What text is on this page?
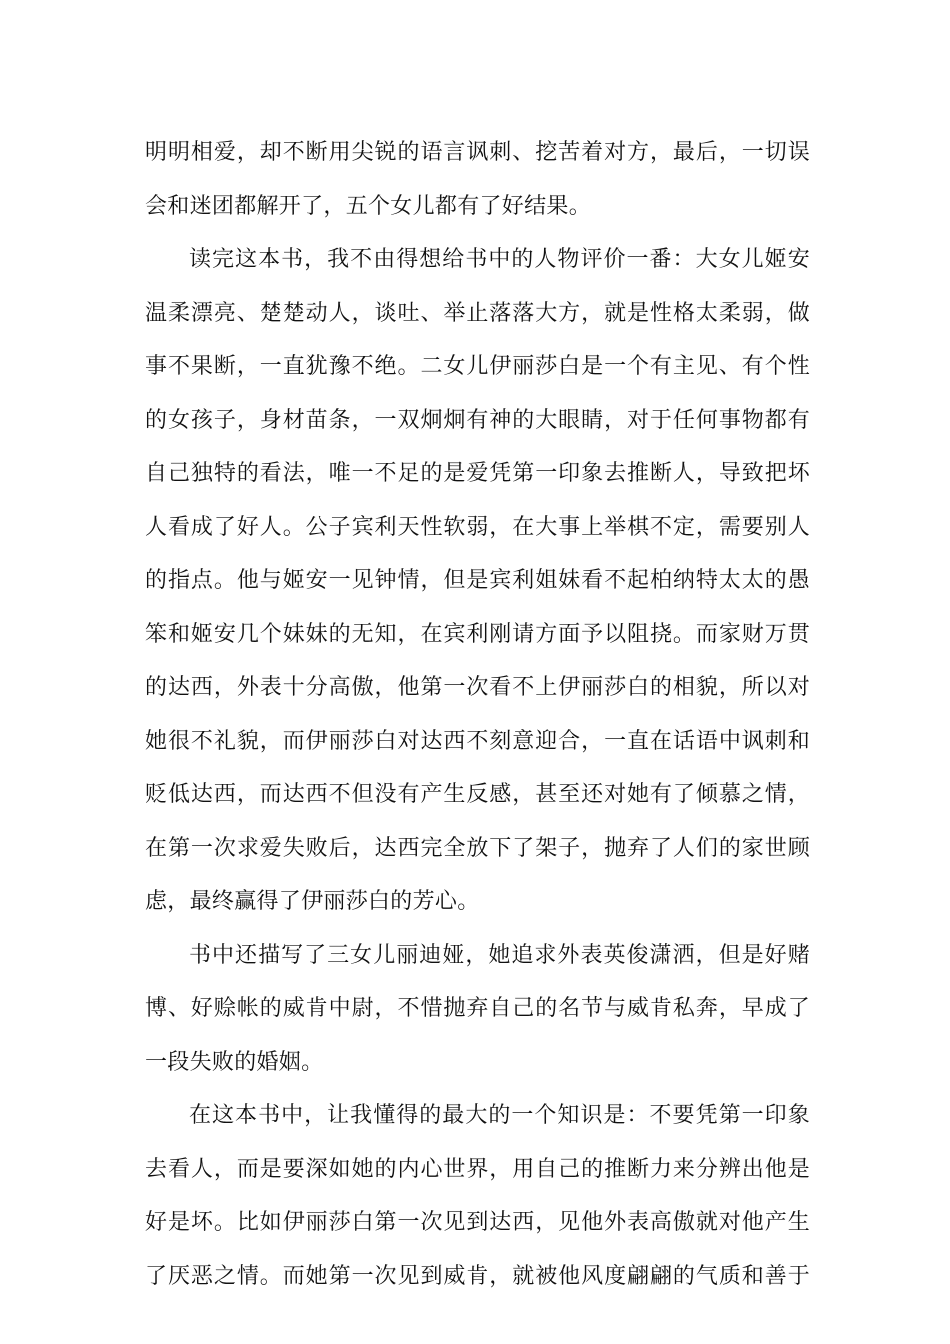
明明相爱，却不断用尖锐的语言讽刺、挖苦着对方，最后，一切误
会和迷团都解开了，五个女儿都有了好结果。
读完这本书，我不由得想给书中的人物评价一番：大女儿姬安
温柔漂亮、楚楚动人，谈吐、举止落落大方，就是性格太柔弱，做
事不果断，一直犹豫不绝。二女儿伊丽莎白是一个有主见、有个性
的女孩子，身材苗条，一双炯炯有神的大眼睛，对于任何事物都有
自己独特的看法，唯一不足的是爱凭第一印象去推断人，导致把坏
人看成了好人。公子宾利天性软弱，在大事上举棋不定，需要别人
的指点。他与姬安一见钟情，但是宾利姐妹看不起柏纳特太太的愚
笨和姬安几个妹妹的无知，在宾利刚请方面予以阻挠。而家财万贯
的达西，外表十分高傲，他第一次看不上伊丽莎白的相貌，所以对
她很不礼貌，而伊丽莎白对达西不刻意迎合，一直在话语中讽刺和
贬低达西，而达西不但没有产生反感，甚至还对她有了倾慕之情，
在第一次求爱失败后，达西完全放下了架子，抛弃了人们的家世顾
虑，最终赢得了伊丽莎白的芳心。
书中还描写了三女儿丽迪娅，她追求外表英俊潇洒，但是好赌
博、好赊帐的威肯中尉，不惜抛弃自己的名节与威肯私奔，早成了
一段失败的婚姻。
在这本书中，让我懂得的最大的一个知识是：不要凭第一印象
去看人，而是要深如她的内心世界，用自己的推断力来分辨出他是
好是坏。比如伊丽莎白第一次见到达西，见他外表高傲就对他产生
了厌恶之情。而她第一次见到威肯，就被他风度翩翩的气质和善于
